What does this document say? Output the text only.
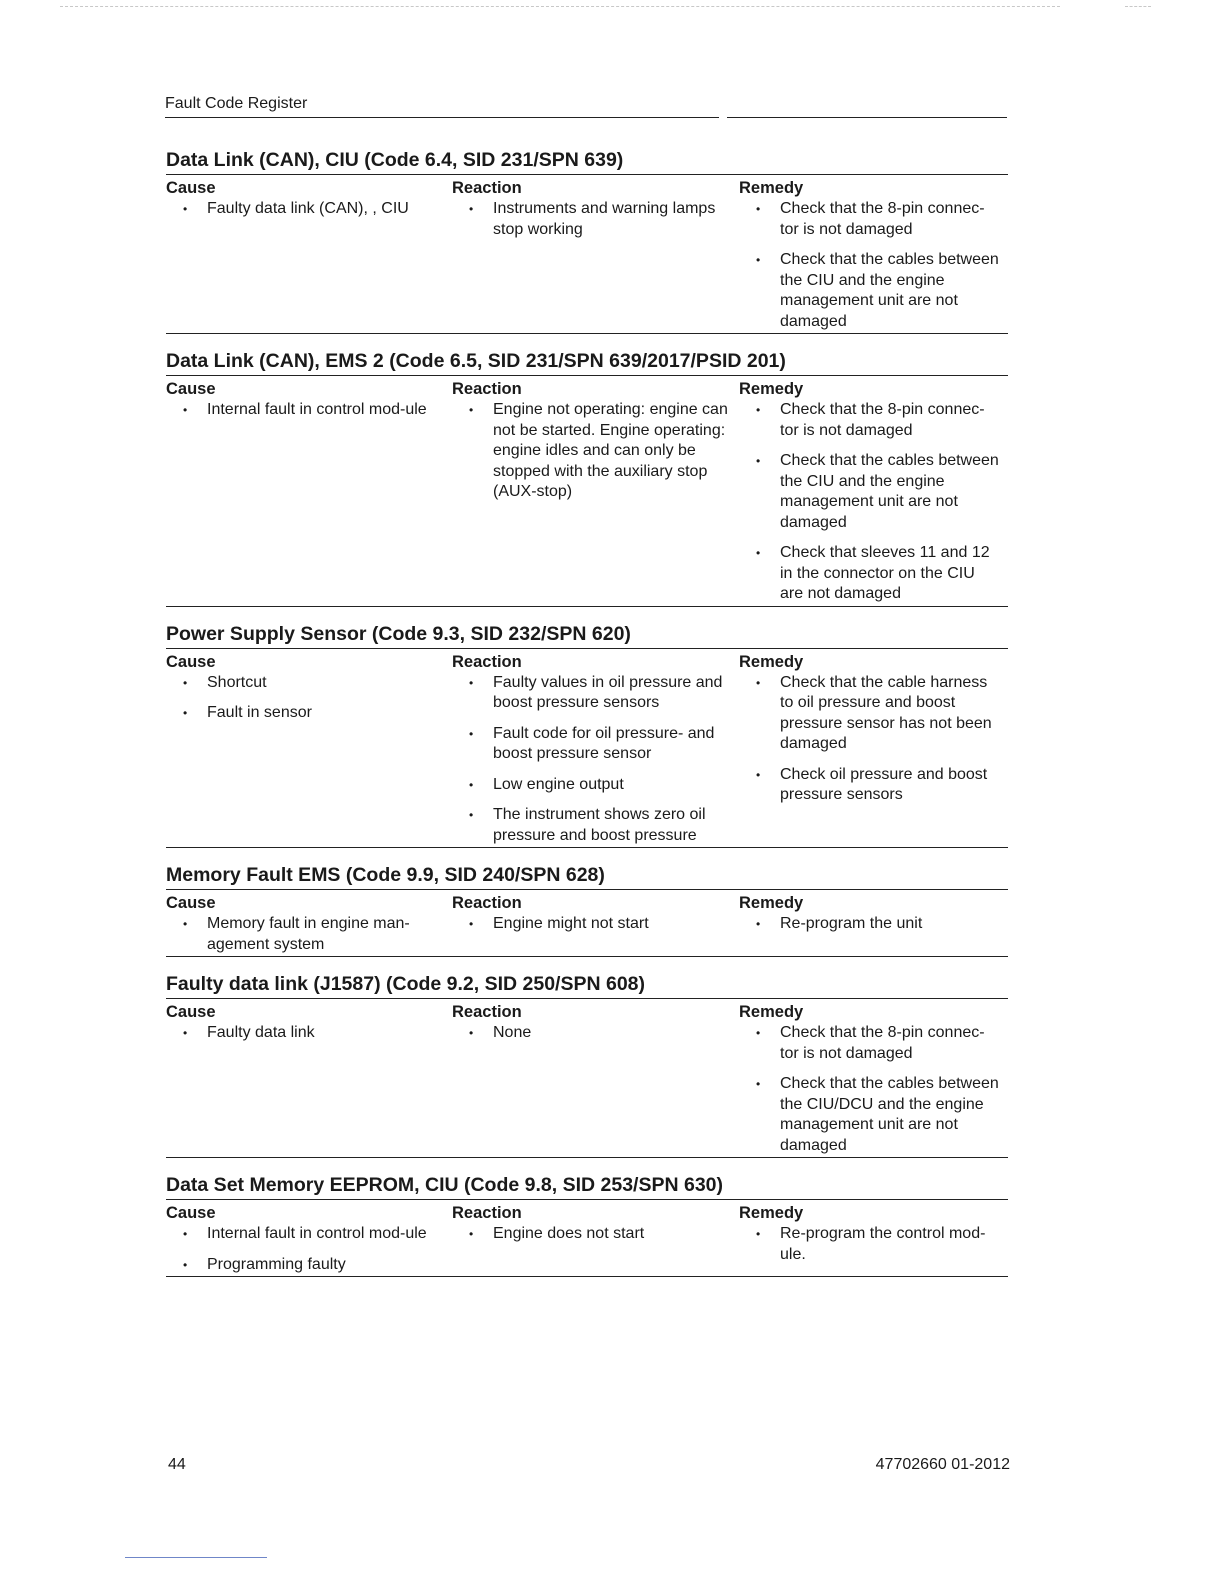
Fault Code Register
Data Link (CAN), CIU (Code 6.4, SID 231/SPN 639)
Cause
• Faulty data link (CAN), , CIU
Reaction
• Instruments and warning lamps stop working
Remedy
• Check that the 8-pin connec-tor is not damaged
• Check that the cables between the CIU and the engine management unit are not damaged
Data Link (CAN), EMS 2 (Code 6.5, SID 231/SPN 639/2017/PSID 201)
Cause
• Internal fault in control mod-ule
Reaction
• Engine not operating: engine can not be started. Engine operating: engine idles and can only be stopped with the auxiliary stop (AUX-stop)
Remedy
• Check that the 8-pin connec-tor is not damaged
• Check that the cables between the CIU and the engine management unit are not damaged
• Check that sleeves 11 and 12 in the connector on the CIU are not damaged
Power Supply Sensor (Code 9.3, SID 232/SPN 620)
Cause
• Shortcut
• Fault in sensor
Reaction
• Faulty values in oil pressure and boost pressure sensors
• Fault code for oil pressure- and boost pressure sensor
• Low engine output
• The instrument shows zero oil pressure and boost pressure
Remedy
• Check that the cable harness to oil pressure and boost pressure sensor has not been damaged
• Check oil pressure and boost pressure sensors
Memory Fault EMS (Code 9.9, SID 240/SPN 628)
Cause
• Memory fault in engine man-agement system
Reaction
• Engine might not start
Remedy
• Re-program the unit
Faulty data link (J1587) (Code 9.2, SID 250/SPN 608)
Cause
• Faulty data link
Reaction
• None
Remedy
• Check that the 8-pin connec-tor is not damaged
• Check that the cables between the CIU/DCU and the engine management unit are not damaged
Data Set Memory EEPROM, CIU (Code 9.8, SID 253/SPN 630)
Cause
• Internal fault in control mod-ule
• Programming faulty
Reaction
• Engine does not start
Remedy
• Re-program the control mod-ule.
44	47702660 01-2012
